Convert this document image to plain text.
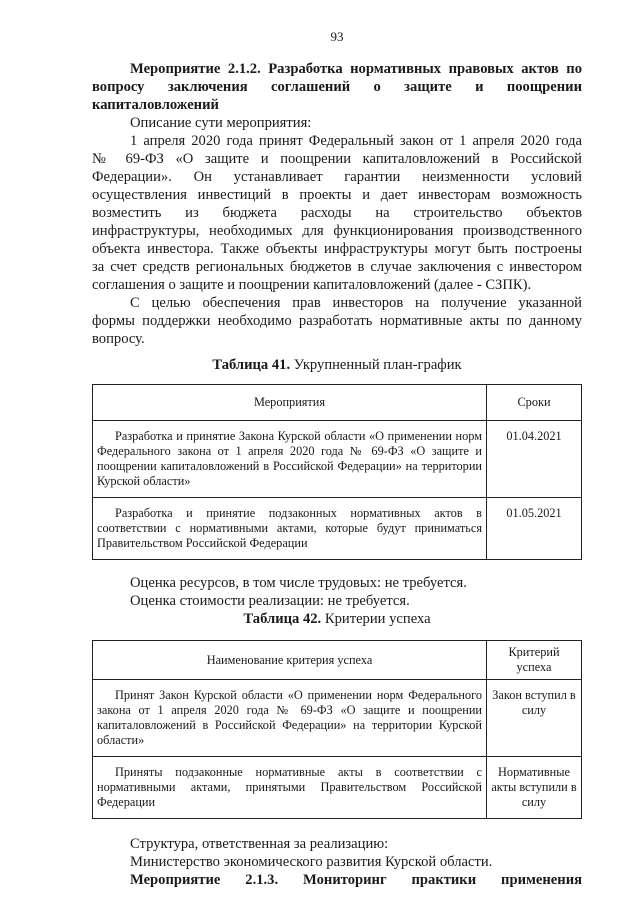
93

Мероприятие 2.1.2. Разработка нормативных правовых актов по

вопросу заключения соглашений о защите и поощрении

капиталовложений

Описание сути мероприятия:

1 апреля 2020 года принят Федеральный закон от 1 апреля 2020 года

№ 69-ФЗ «О защите и поощрении капиталовложений в Российской

Федерации». Он устанавливает гарантии неизменности условий

осуществления инвестиций в проекты и дает инвесторам возможность

возместить из бюджета расходы на строительство объектов

инфраструктуры, необходимых для функционирования производственного

объекта инвестора. Также объекты инфраструктуры могут быть построены

за счет средств региональных бюджетов в случае заключения с инвестором

соглашения о защите и поощрении капиталовложений (далее - СЗПК).

С целью обеспечения прав инвесторов на получение указанной

формы поддержки необходимо разработать нормативные акты по данному

вопросу.

Таблица 41. Укрупненный план-график
Мероприятия	Сроки
Разработка и принятие Закона Курской области «О применении норм Федерального закона от 1 апреля 2020 года № 69-ФЗ «О защите и поощрении капиталовложений в Российской Федерации» на территории Курской области»	01.04.2021
Разработка и принятие подзаконных нормативных актов в соответствии с нормативными актами, которые будут приниматься Правительством Российской Федерации	01.05.2021

Оценка ресурсов, в том числе трудовых: не требуется.

Оценка стоимости реализации: не требуется.

Таблица 42. Критерии успеха
Наименование критерия успеха	Критерий успеха
Принят Закон Курской области «О применении норм Федерального закона от 1 апреля 2020 года № 69-ФЗ «О защите и поощрении капиталовложений в Российской Федерации» на территории Курской области»	Закон вступил в силу
Приняты подзаконные нормативные акты в соответствии с нормативными актами, принятыми Правительством Российской Федерации	Нормативные акты вступили в силу

Структура, ответственная за реализацию:

Министерство экономического развития Курской области.

Мероприятие 2.1.3. Мониторинг практики применения
